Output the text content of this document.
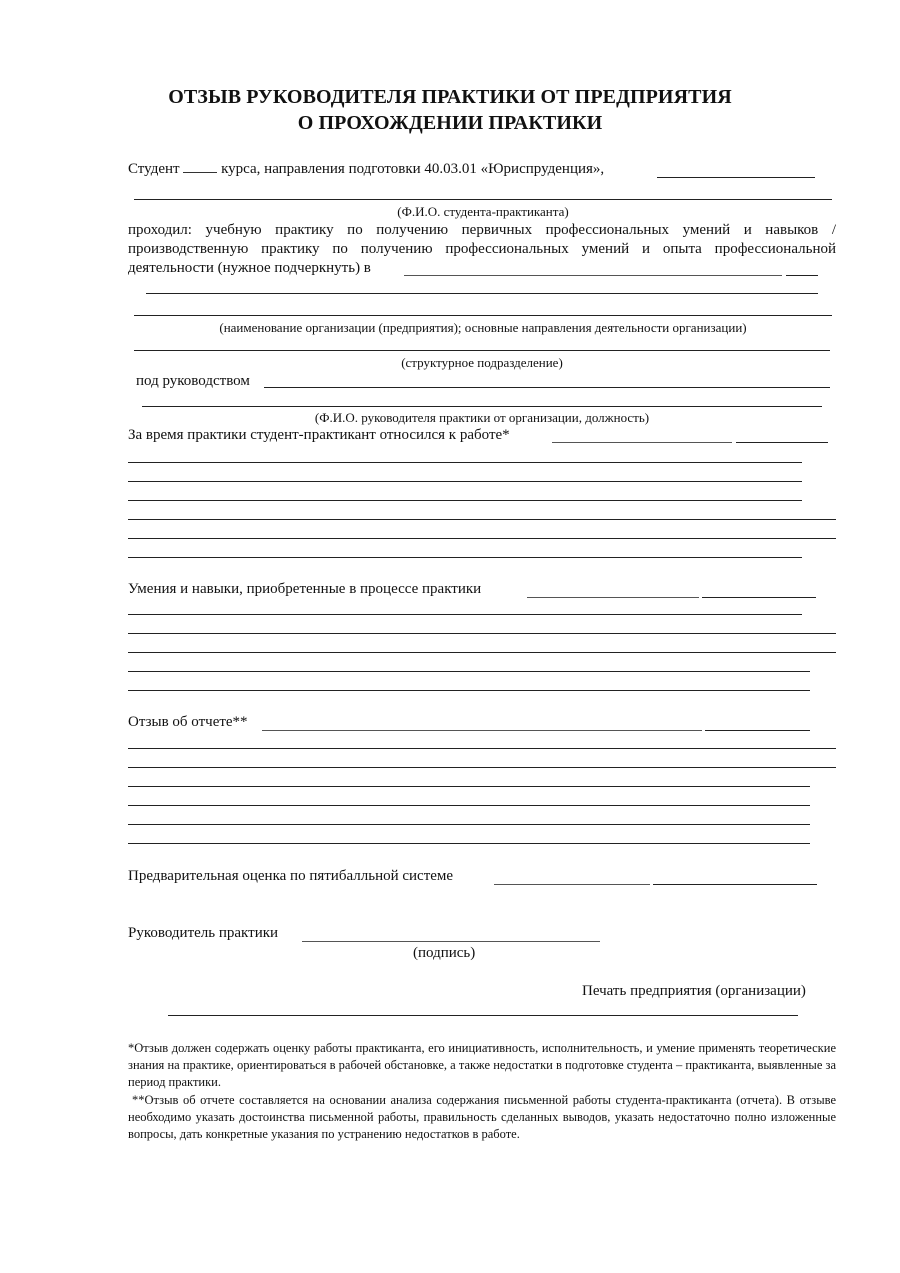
ОТЗЫВ РУКОВОДИТЕЛЯ ПРАКТИКИ ОТ ПРЕДПРИЯТИЯ
О ПРОХОЖДЕНИИ ПРАКТИКИ
Студент	курса, направления подготовки 40.03.01 «Юриспруденция»,
(Ф.И.О. студента-практиканта)
проходил: учебную практику по получению первичных профессиональных умений и навыков /
производственную практику по получению профессиональных умений и опыта профессиональной
деятельности (нужное подчеркнуть) в
(наименование организации (предприятия); основные направления деятельности организации)
(структурное подразделение)
под руководством
(Ф.И.О. руководителя практики от организации, должность)
За время практики студент-практикант относился к работе*
Умения и навыки, приобретенные в процессе практики
Отзыв об отчете**
Предварительная оценка по пятибалльной системе
Руководитель практики
(подпись)
Печать предприятия (организации)
*Отзыв должен содержать оценку работы практиканта, его инициативность, исполнительность, и умение применять теоретические знания на практике, ориентироваться в рабочей обстановке, а также недостатки в подготовке студента – практиканта, выявленные за период практики.
**Отзыв об отчете составляется на основании анализа содержания письменной работы студента-практиканта (отчета). В отзыве необходимо указать достоинства письменной работы, правильность сделанных выводов, указать недостаточно полно изложенные вопросы, дать конкретные указания по устранению недостатков в работе.
